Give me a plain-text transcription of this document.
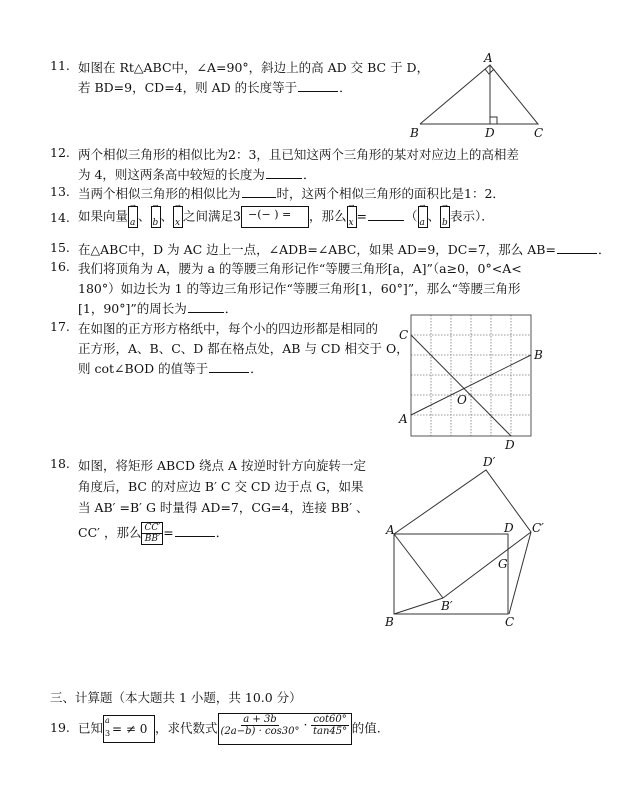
11. 如图在 Rt△ABC中，∠A=90°，斜边上的高 AD 交 BC 于 D，
若 BD=9，CD=4，则 AD 的长度等于	．
A
B	D	C
12. 两个相似三角形的相似比为2：3，且已知这两个三角形的某对对应边上的高相差
为 4，则这两条高中较短的长度为	．
13. 当两个相似三角形的相似比为	时，这两个相似三角形的面积比是1：2．
14. 如果向量 → a 、 → b 、 → x 之间满足3 −(− ) = ，那么 → x =	（ → a 、 → b 表示）．
15. 在△ABC中，D 为 AC 边上一点，∠ADB=∠ABC，如果 AD=9，DC=7，那么 AB=	．
16. 我们将顶角为 A，腰为 a 的等腰三角形记作“等腰三角形[a，A]”（a≥0，0°<A<
180°）如边长为 1 的等边三角形记作“等腰三角形[1，60°]”，那么“等腰三角形
[1，90°]”的周长为	．
17. 在如图的正方形方格纸中，每个小的四边形都是相同的
正方形，A、B、C、D 都在格点处，AB 与 CD 相交于 O，
则 cot∠BOD 的值等于	．
C
B
A
O
D
18. 如图，将矩形 ABCD 绕点 A 按逆时针方向旋转一定
角度后，BC 的对应边 B′ C 交 CD 边于点 G，如果
当 AB′ =B′ G 时量得 AD=7，CG=4，连接 BB′ 、
CC′ ，那么 $\frac{CC'}{BB'}$ =	．	A	D C′
D′
G
B′
B	C
三、计算题（本大题共 1 小题，共 10.0 分）
19. 已知 a
3 = ≠ 0 ，求代数式 $\frac{a + 3b}{(2a-b) \cdot \cos 30^\circ} \cdot \frac{\cot 60^\circ}{\tan 45^\circ}$ 的值.
